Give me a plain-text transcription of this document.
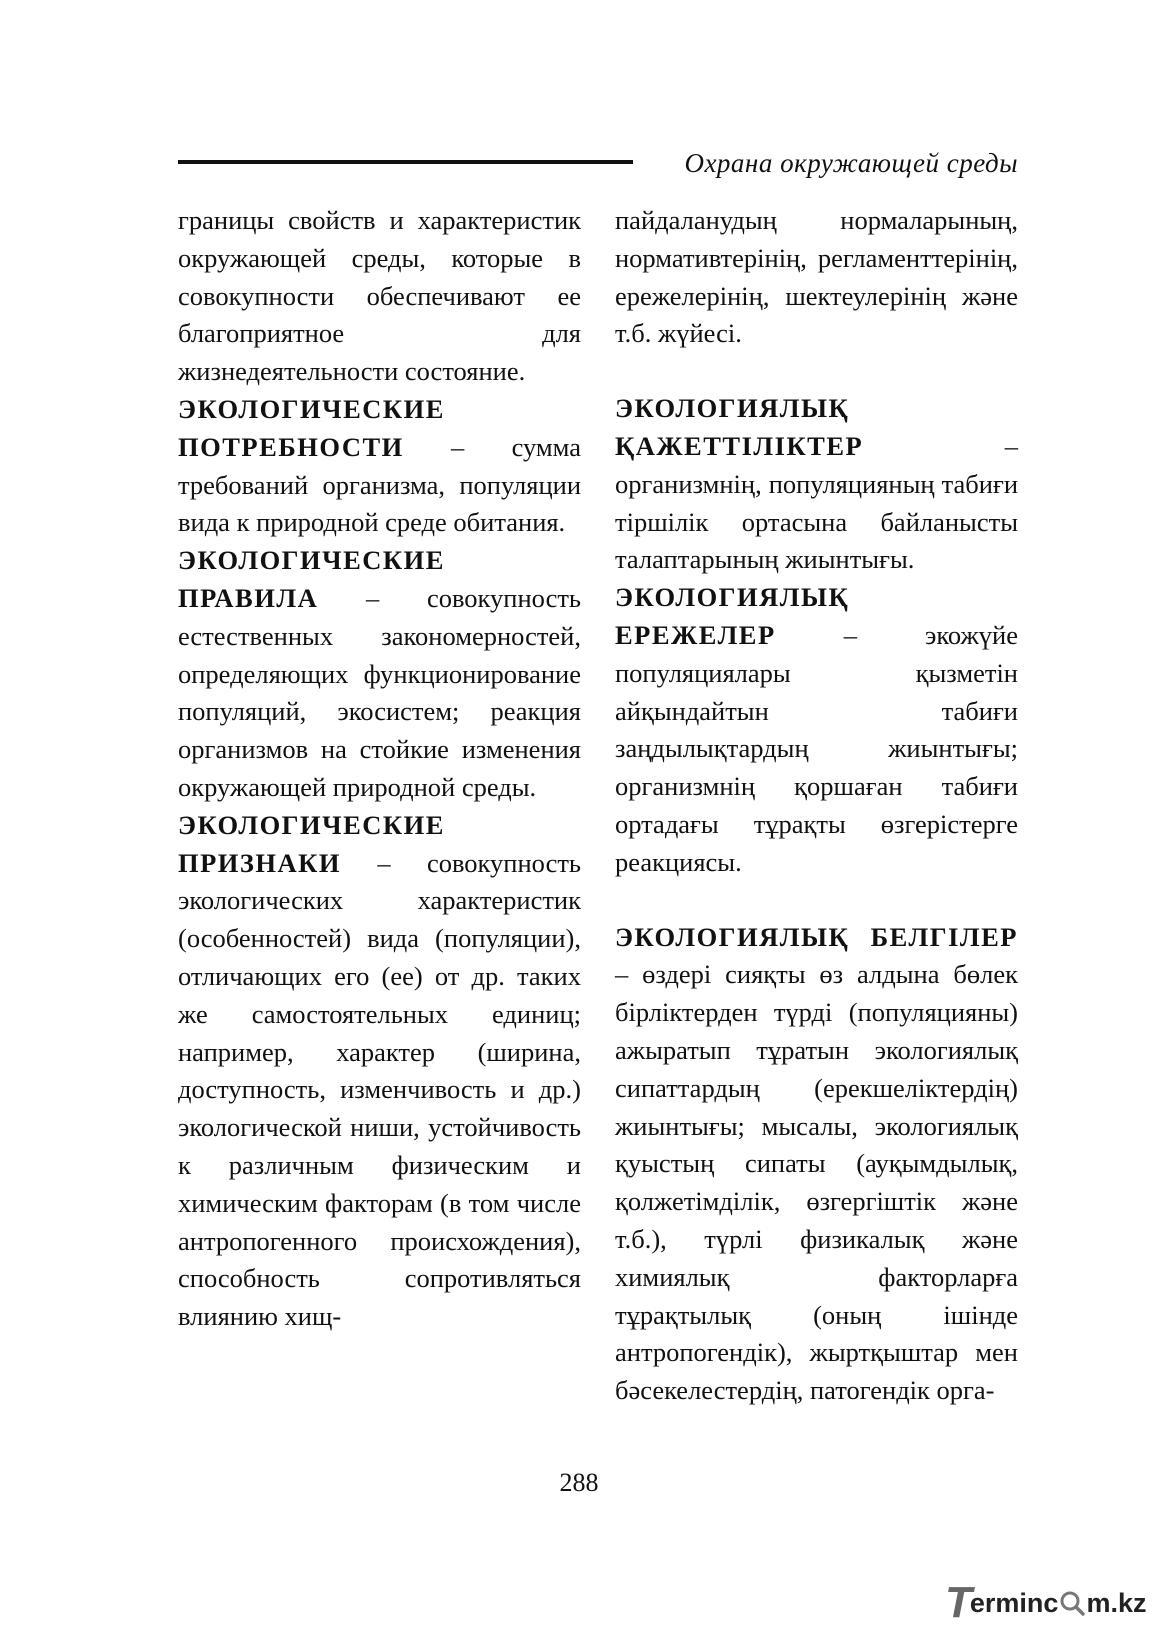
Охрана окружающей среды

границы свойств и характеристик окружающей среды, которые в совокупности обеспечивают ее благоприятное для жизнедеятельности состояние.

ЭКОЛОГИЧЕСКИЕ ПОТРЕБНОСТИ – сумма требований организма, популяции вида к природной среде обитания.

ЭКОЛОГИЧЕСКИЕ ПРАВИЛА – совокупность естественных закономерностей, определяющих функционирование популяций, экосистем; реакция организмов на стойкие изменения окружающей природной среды.

ЭКОЛОГИЧЕСКИЕ ПРИЗНАКИ – совокупность экологических характеристик (особенностей) вида (популяции), отличающих его (ее) от др. таких же самостоятельных единиц; например, характер (ширина, доступность, изменчивость и др.) экологической ниши, устойчивость к различным физическим и химическим факторам (в том числе антропогенного происхождения), способность сопротивляться влиянию хищ-

пайдаланудың нормаларының, нормативтерінің, регламенттерінің, ережелерінің, шектеулерінің және т.б. жүйесі.

ЭКОЛОГИЯЛЫҚ ҚАЖЕТТІЛІКТЕР – организмнің, популяцияның табиғи тіршілік ортасына байланысты талаптарының жиынтығы.

ЭКОЛОГИЯЛЫҚ ЕРЕЖЕЛЕР – экожүйе популяциялары қызметін айқындайтын табиғи заңдылықтардың жиынтығы; организмнің қоршаған табиғи ортадағы тұрақты өзгерістерге реакциясы.

ЭКОЛОГИЯЛЫҚ БЕЛГІЛЕР – өздері сияқты өз алдына бөлек бірліктерден түрді (популяцияны) ажыратып тұратын экологиялық сипаттардың (ерекшеліктердің) жиынтығы; мысалы, экологиялық қуыстың сипаты (ауқымдылық, қолжетімділік, өзгергіштік және т.б.), түрлі физикалық және химиялық факторларға тұрақтылық (оның ішінде антропогендік), жыртқыштар мен бәсекелестердің, патогендік орга-

288
T
erminc m.kz
